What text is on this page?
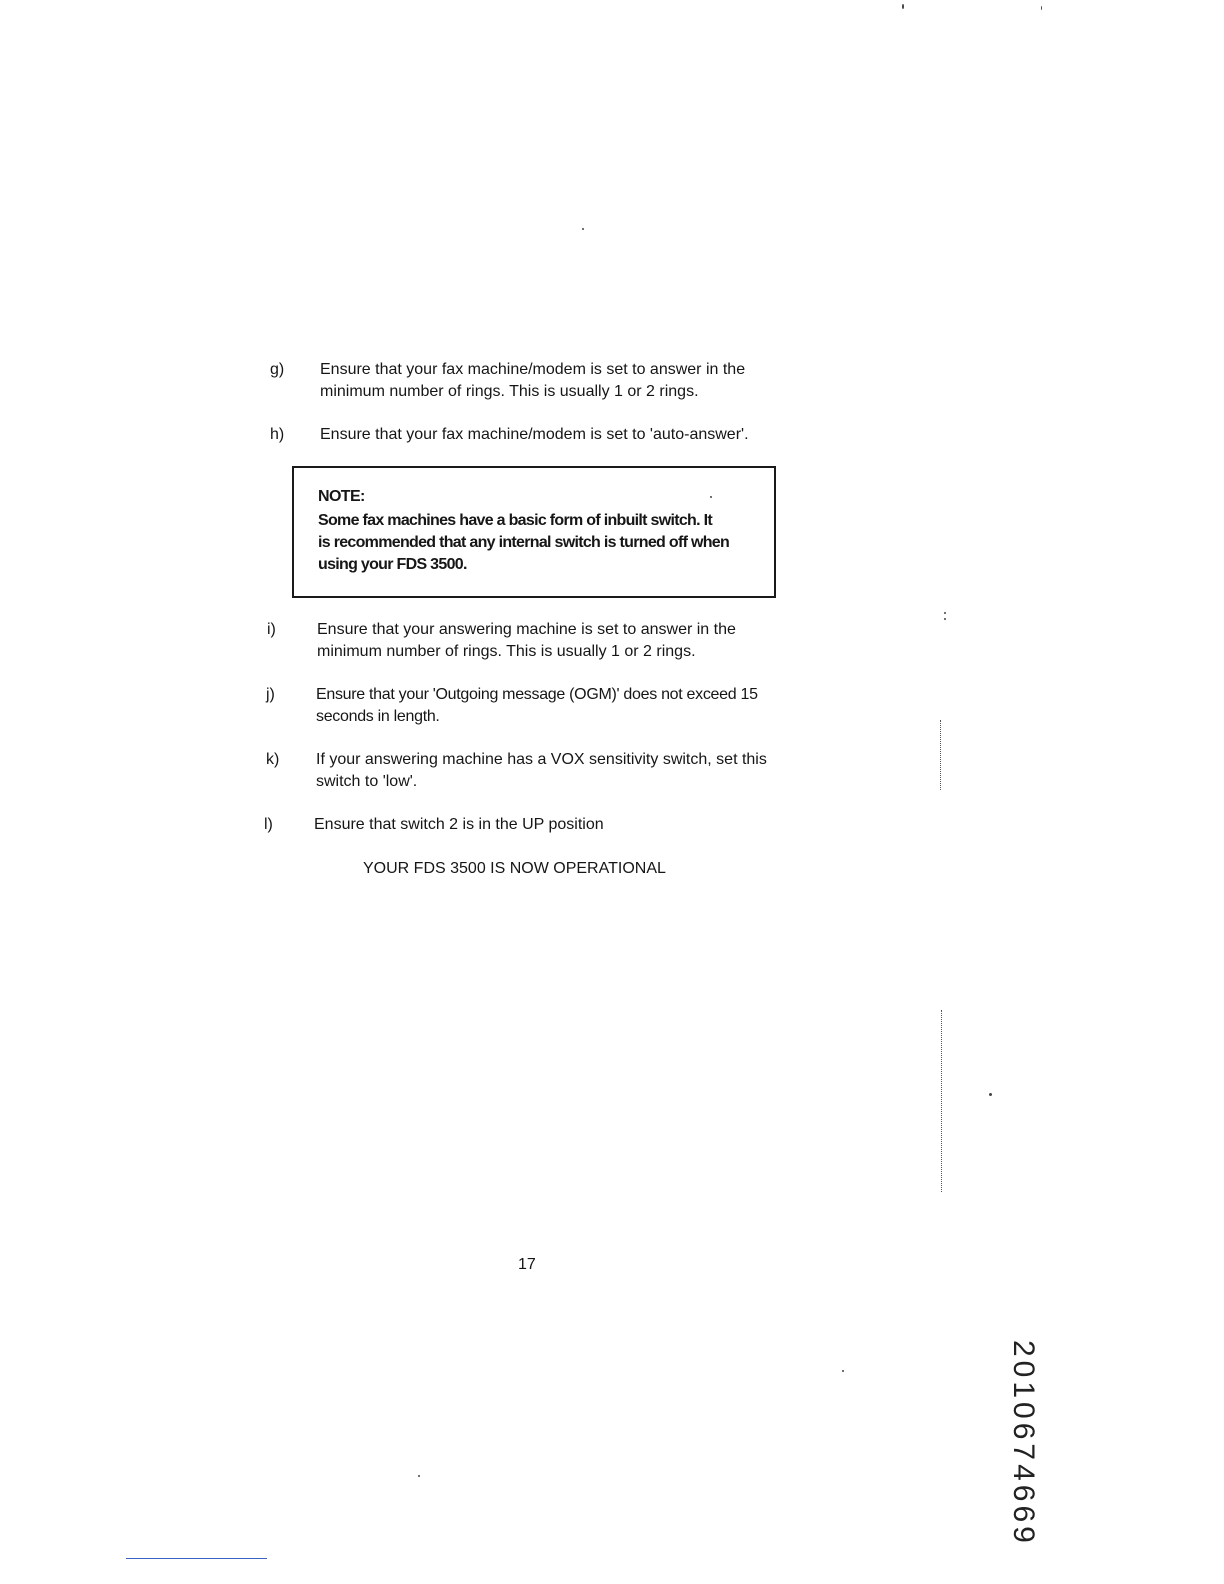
g) Ensure that your fax machine/modem is set to answer in the
minimum number of rings. This is usually 1 or 2 rings.
h) Ensure that your fax machine/modem is set to 'auto-answer'.
NOTE:
Some fax machines have a basic form of inbuilt switch. It
is recommended that any internal switch is turned off when
using your FDS 3500.
i)	Ensure that your answering machine is set to answer in the
minimum number of rings. This is usually 1 or 2 rings.
j)	Ensure that your 'Outgoing message (OGM)' does not exceed 15
seconds in length.
k) If your answering machine has a VOX sensitivity switch, set this
switch to 'low'.
l)	Ensure that switch 2 is in the UP position
YOUR FDS 3500 IS NOW OPERATIONAL
17
2010674669
